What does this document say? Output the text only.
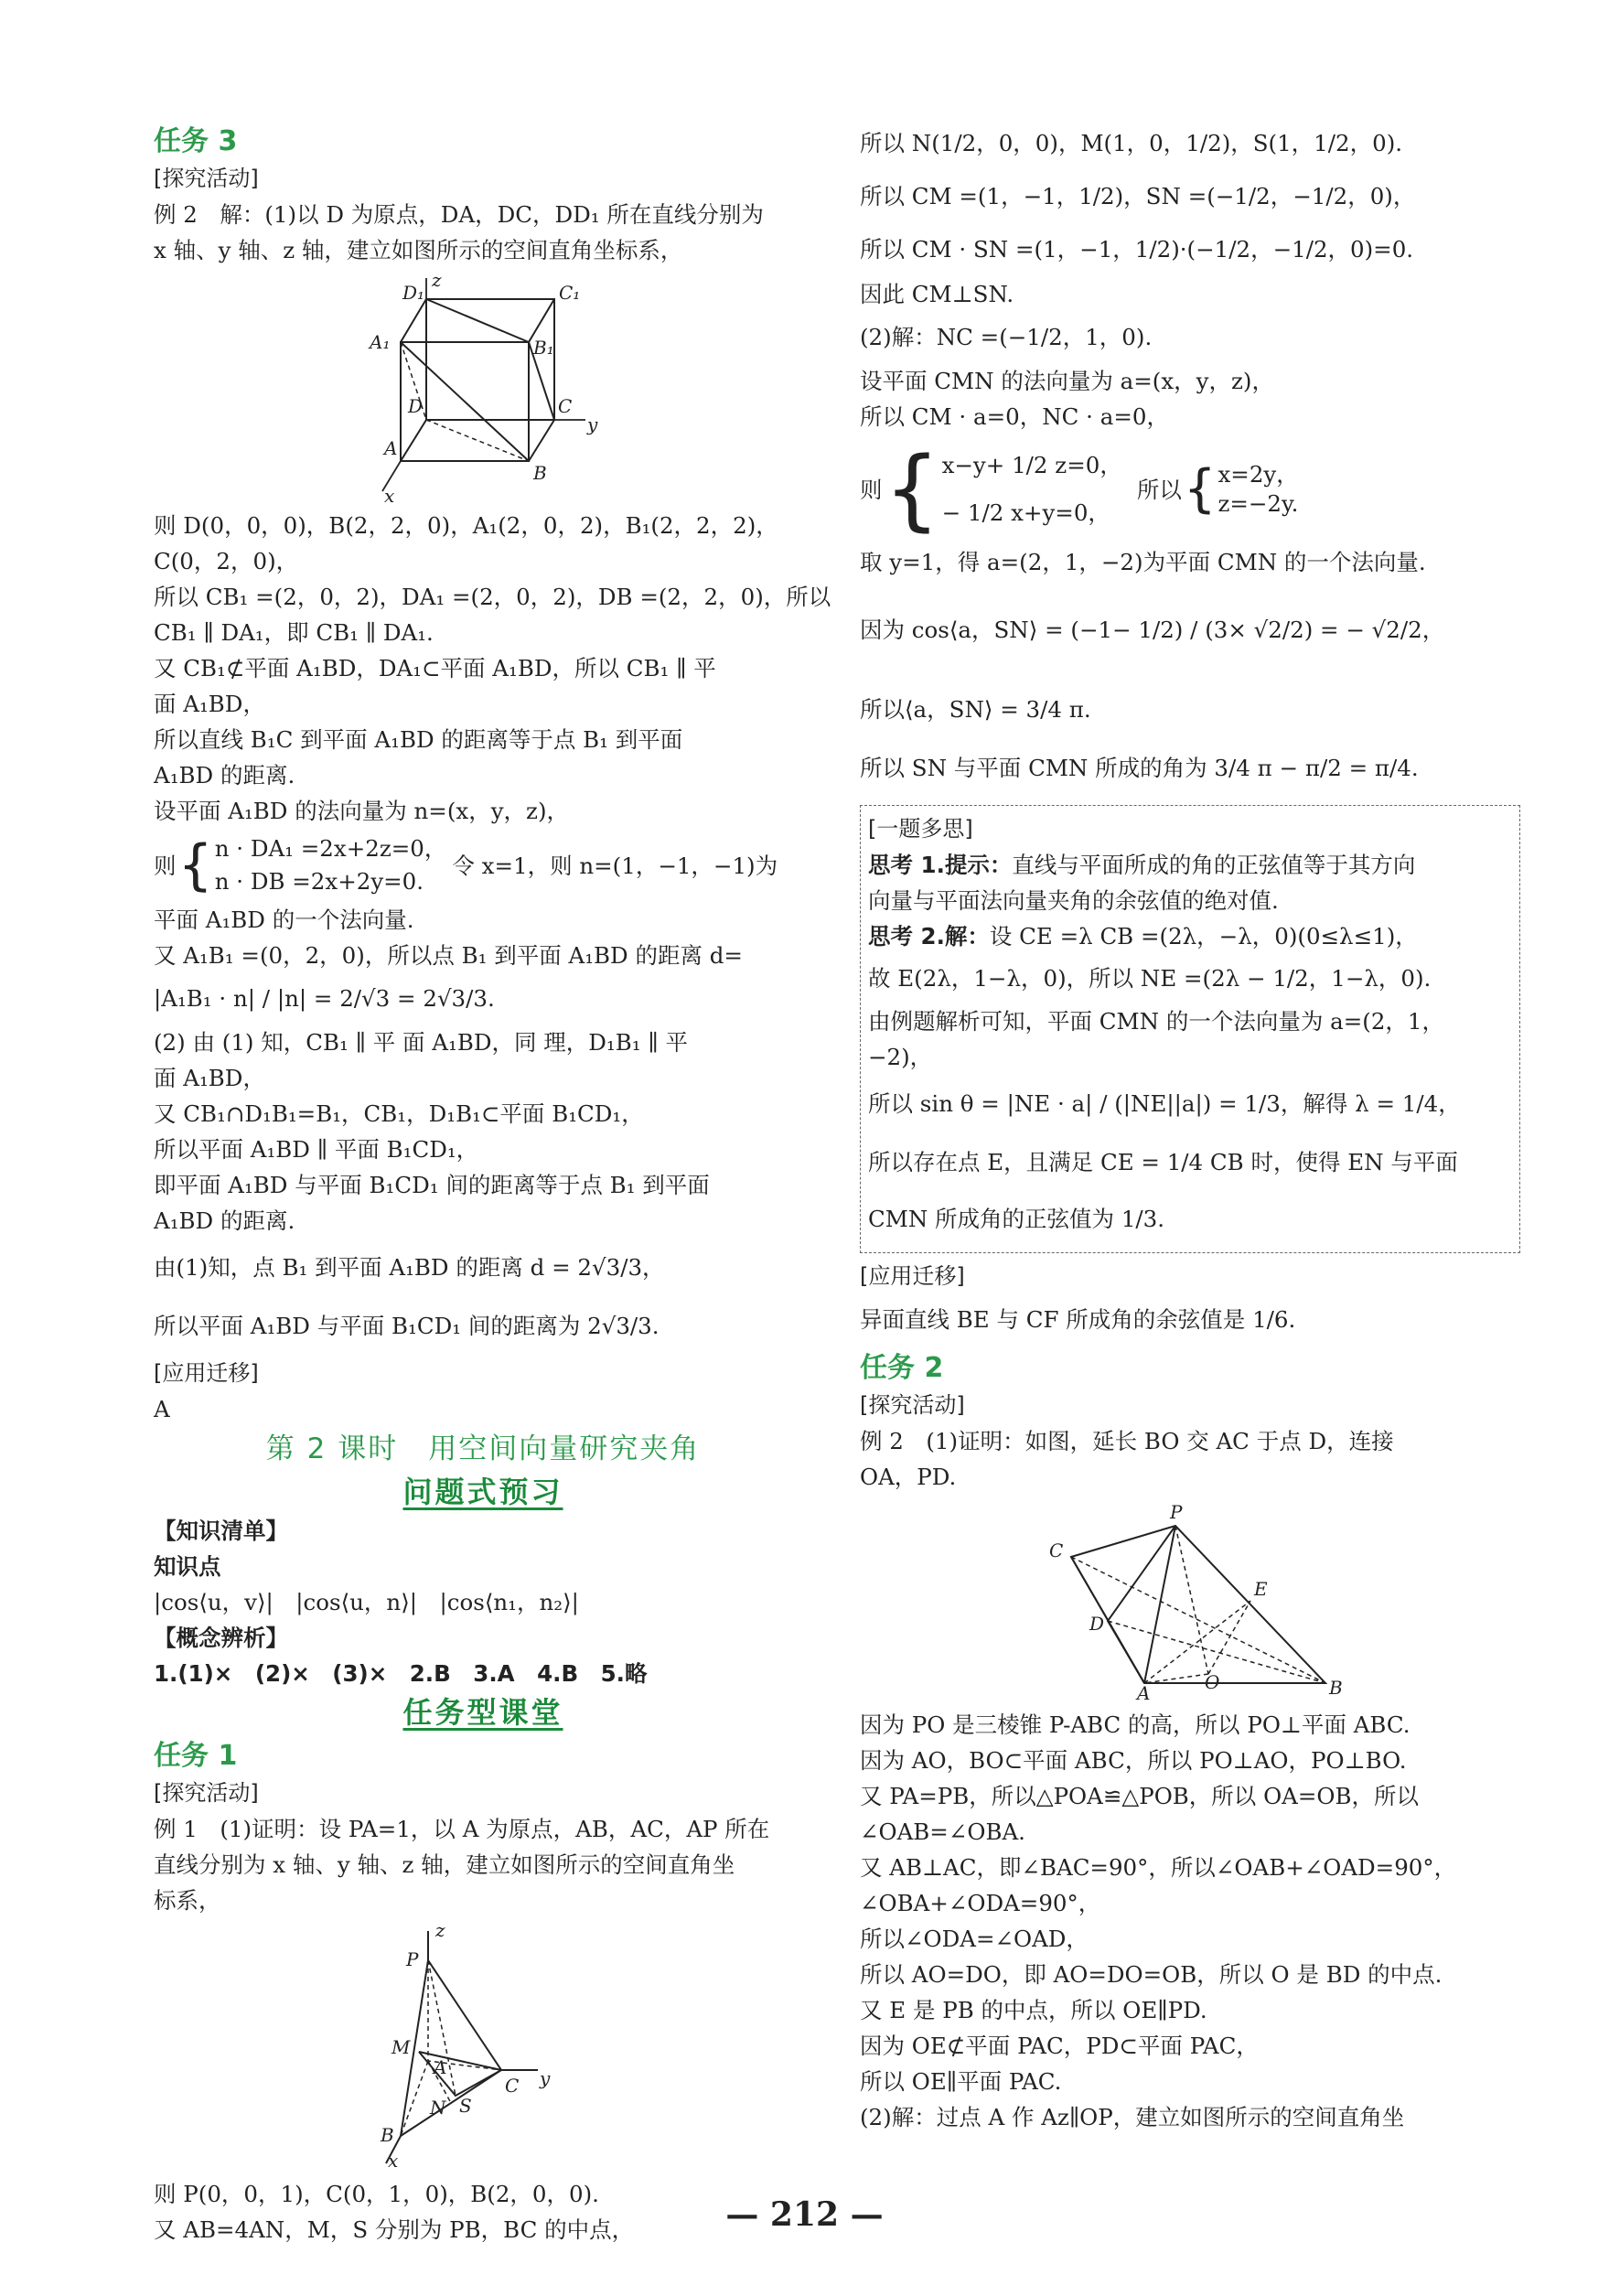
任务 3
[探究活动]
例 2　解：(1)以 D 为原点，DA，DC，DD₁ 所在直线分别为
x 轴、y 轴、z 轴，建立如图所示的空间直角坐标系，
D₁
z
C₁
A₁	B₁
C
D
y
A
B
x
则 D(0，0，0)，B(2，2，0)，A₁(2，0，2)，B₁(2，2，2)，
C(0，2，0)，
所以 CB₁ =(2，0，2)，DA₁ =(2，0，2)，DB =(2，2，0)，所以
CB₁ ∥ DA₁，即 CB₁ ∥ DA₁.
又 CB₁⊄平面 A₁BD，DA₁⊂平面 A₁BD，所以 CB₁ ∥ 平
面 A₁BD，
所以直线 B₁C 到平面 A₁BD 的距离等于点 B₁ 到平面
A₁BD 的距离.
设平面 A₁BD 的法向量为 n=(x，y，z)，
则 { n · DA₁ =2x+2z=0，
n · DB =2x+2y=0.
令 x=1，则 n=(1，−1，−1)为
平面 A₁BD 的一个法向量.
又 A₁B₁ =(0，2，0)，所以点 B₁ 到平面 A₁BD 的距离 d=
|A₁B₁ · n| / |n| = 2/√3 = 2√3/3.
(2) 由 (1) 知，CB₁ ∥ 平 面 A₁BD，同 理，D₁B₁ ∥ 平
面 A₁BD，
又 CB₁∩D₁B₁=B₁，CB₁，D₁B₁⊂平面 B₁CD₁，
所以平面 A₁BD ∥ 平面 B₁CD₁，
即平面 A₁BD 与平面 B₁CD₁ 间的距离等于点 B₁ 到平面
A₁BD 的距离.
由(1)知，点 B₁ 到平面 A₁BD 的距离 d = 2√3/3，
所以平面 A₁BD 与平面 B₁CD₁ 间的距离为 2√3/3.
[应用迁移]
A
第 2 课时　用空间向量研究夹角
问题式预习
【知识清单】
知识点
|cos⟨u，v⟩|　|cos⟨u，n⟩|　|cos⟨n₁，n₂⟩|
【概念辨析】
1.(1)×　(2)×　(3)×　2.B　3.A　4.B　5.略
任务型课堂
任务 1
[探究活动]
例 1　(1)证明：设 PA=1，以 A 为原点，AB，AC，AP 所在
直线分别为 x 轴、y 轴、z 轴，建立如图所示的空间直角坐
标系，
z
P
M
A
C y
N S
B
x
则 P(0，0，1)，C(0，1，0)，B(2，0，0).
又 AB=4AN，M，S 分别为 PB，BC 的中点，
所以 N(1/2，0，0)，M(1，0，1/2)，S(1，1/2，0).
所以 CM =(1，−1，1/2)，SN =(−1/2，−1/2，0)，
所以 CM · SN =(1，−1，1/2)·(−1/2，−1/2，0)=0.
因此 CM⊥SN.
(2)解：NC =(−1/2，1，0).
设平面 CMN 的法向量为 a=(x，y，z)，
所以 CM · a=0，NC · a=0，
则 { x−y+ 1/2 z=0，
− 1/2 x+y=0，
所以 { x=2y，
z=−2y.
取 y=1，得 a=(2，1，−2)为平面 CMN 的一个法向量.
因为 cos⟨a，SN⟩ = (−1− 1/2) / (3× √2/2) = − √2/2，
所以⟨a，SN⟩ = 3/4 π.
所以 SN 与平面 CMN 所成的角为 3/4 π − π/2 = π/4.
[一题多思]
思考 1.提示：直线与平面所成的角的正弦值等于其方向
向量与平面法向量夹角的余弦值的绝对值.
思考 2.解：设 CE =λ CB =(2λ，−λ，0)(0≤λ≤1)，
故 E(2λ，1−λ，0)，所以 NE =(2λ − 1/2，1−λ，0).
由例题解析可知，平面 CMN 的一个法向量为 a=(2，1，
−2)，
所以 sin θ = |NE · a| / (|NE||a|) = 1/3，解得 λ = 1/4，
所以存在点 E，且满足 CE = 1/4 CB 时，使得 EN 与平面
CMN 所成角的正弦值为 1/3.
[应用迁移]
异面直线 BE 与 CF 所成角的余弦值是 1/6.
任务 2
[探究活动]
例 2　(1)证明：如图，延长 BO 交 AC 于点 D，连接
OA，PD.
P
C
E
D
O
A	B
因为 PO 是三棱锥 P-ABC 的高，所以 PO⊥平面 ABC.
因为 AO，BO⊂平面 ABC，所以 PO⊥AO，PO⊥BO.
又 PA=PB，所以△POA≌△POB，所以 OA=OB，所以
∠OAB=∠OBA.
又 AB⊥AC，即∠BAC=90°，所以∠OAB+∠OAD=90°，
∠OBA+∠ODA=90°，
所以∠ODA=∠OAD，
所以 AO=DO，即 AO=DO=OB，所以 O 是 BD 的中点.
又 E 是 PB 的中点，所以 OE∥PD.
因为 OE⊄平面 PAC，PD⊂平面 PAC，
所以 OE∥平面 PAC.
(2)解：过点 A 作 Az∥OP，建立如图所示的空间直角坐
— 212 —
